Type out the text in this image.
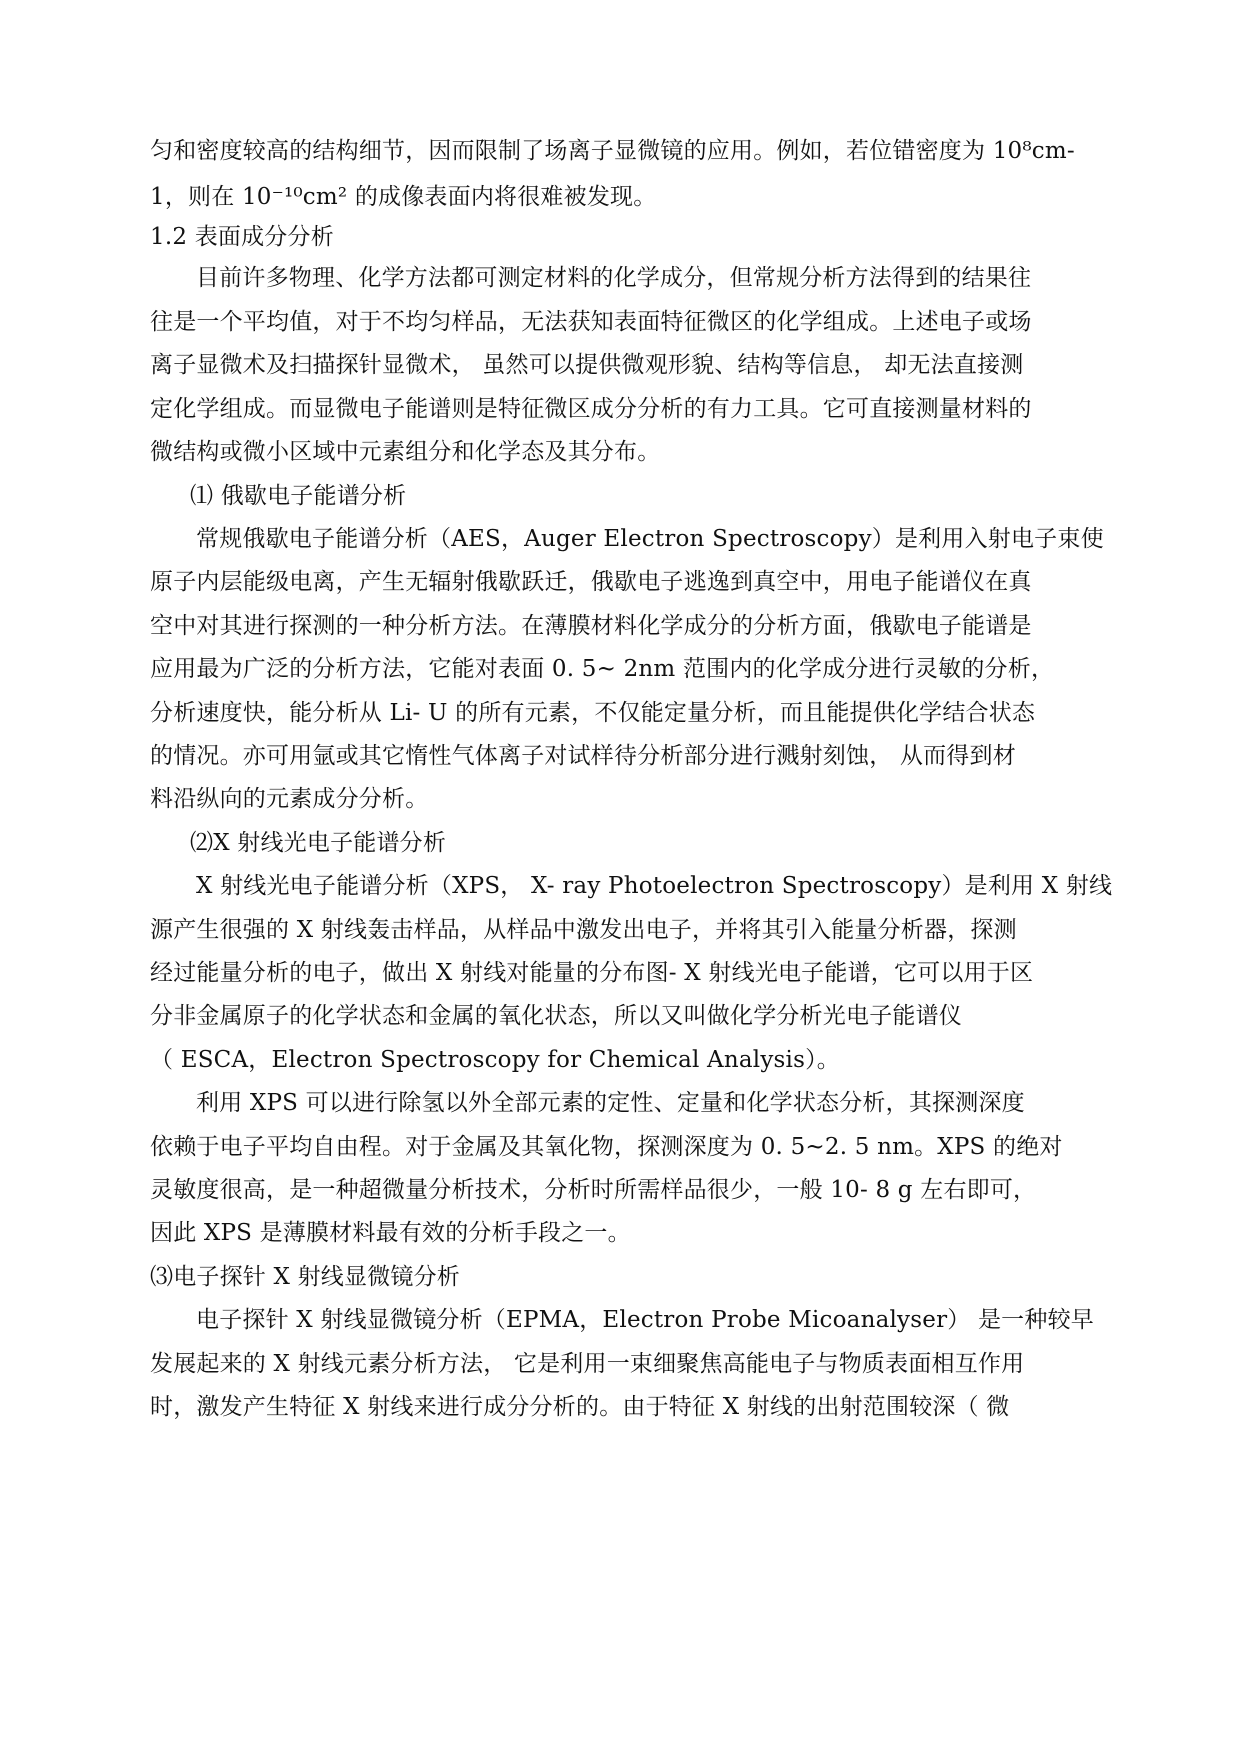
匀和密度较高的结构细节，因而限制了场离子显微镜的应用。例如，若位错密度为 10⁸cm-
1，则在 10⁻¹⁰cm² 的成像表面内将很难被发现。
1.2 表面成分分析
目前许多物理、化学方法都可测定材料的化学成分，但常规分析方法得到的结果往
往是一个平均值，对于不均匀样品，无法获知表面特征微区的化学组成。上述电子或场
离子显微术及扫描探针显微术， 虽然可以提供微观形貌、结构等信息， 却无法直接测
定化学组成。而显微电子能谱则是特征微区成分分析的有力工具。它可直接测量材料的
微结构或微小区域中元素组分和化学态及其分布。
⑴ 俄歇电子能谱分析
常规俄歇电子能谱分析（AES，Auger Electron Spectroscopy）是利用入射电子束使
原子内层能级电离，产生无辐射俄歇跃迁，俄歇电子逃逸到真空中，用电子能谱仪在真
空中对其进行探测的一种分析方法。在薄膜材料化学成分的分析方面，俄歇电子能谱是
应用最为广泛的分析方法，它能对表面 0. 5~ 2nm 范围内的化学成分进行灵敏的分析，
分析速度快，能分析从 Li- U 的所有元素，不仅能定量分析，而且能提供化学结合状态
的情况。亦可用氩或其它惰性气体离子对试样待分析部分进行溅射刻蚀， 从而得到材
料沿纵向的元素成分分析。
⑵X 射线光电子能谱分析
X 射线光电子能谱分析（XPS， X- ray Photoelectron Spectroscopy）是利用 X 射线
源产生很强的 X 射线轰击样品，从样品中激发出电子，并将其引入能量分析器，探测
经过能量分析的电子，做出 X 射线对能量的分布图- X 射线光电子能谱，它可以用于区
分非金属原子的化学状态和金属的氧化状态，所以又叫做化学分析光电子能谱仪
（ ESCA，Electron Spectroscopy for Chemical Analysis）。
利用 XPS 可以进行除氢以外全部元素的定性、定量和化学状态分析，其探测深度
依赖于电子平均自由程。对于金属及其氧化物，探测深度为 0. 5~2. 5 nm。XPS 的绝对
灵敏度很高，是一种超微量分析技术，分析时所需样品很少，一般 10- 8 g 左右即可，
因此 XPS 是薄膜材料最有效的分析手段之一。
⑶电子探针 X 射线显微镜分析
电子探针 X 射线显微镜分析（EPMA，Electron Probe Micoanalyser） 是一种较早
发展起来的 X 射线元素分析方法， 它是利用一束细聚焦高能电子与物质表面相互作用
时，激发产生特征 X 射线来进行成分分析的。由于特征 X 射线的出射范围较深（ 微
